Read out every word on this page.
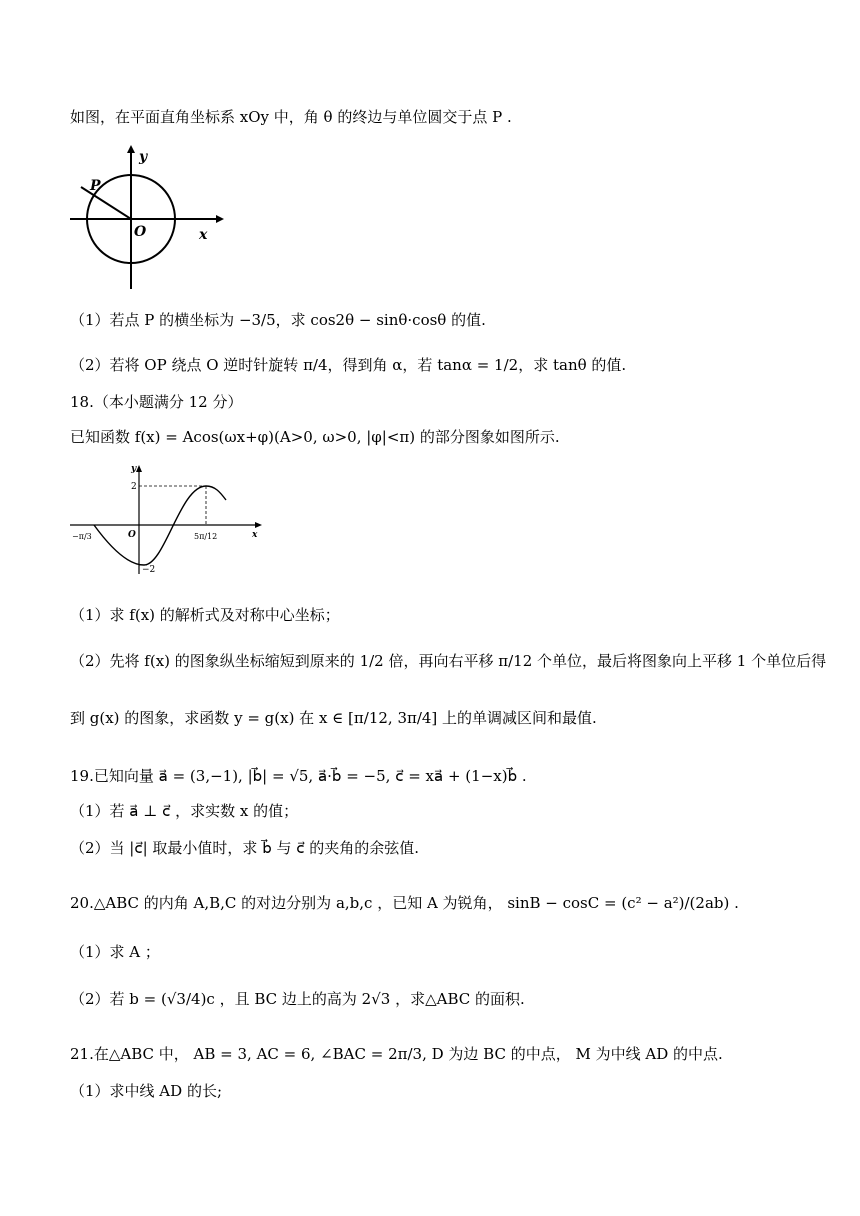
如图，在平面直角坐标系 xOy 中，角 θ 的终边与单位圆交于点 P .
y
x
O
P
（1）若点 P 的横坐标为 −3/5，求 cos2θ − sinθ·cosθ 的值.
（2）若将 OP 绕点 O 逆时针旋转 π/4，得到角 α，若 tanα = 1/2，求 tanθ 的值.
18.（本小题满分 12 分）
已知函数 f(x) = Acos(ωx+φ)(A>0, ω>0, |φ|<π) 的部分图象如图所示.
y
x
O
2
−2
−π/3	5π/12
（1）求 f(x) 的解析式及对称中心坐标；
（2）先将 f(x) 的图象纵坐标缩短到原来的 1/2 倍，再向右平移 π/12 个单位，最后将图象向上平移 1 个单位后得
到 g(x) 的图象，求函数 y = g(x) 在 x ∈ [π/12, 3π/4] 上的单调减区间和最值.
19.已知向量 a⃗ = (3,−1), |b⃗| = √5, a⃗·b⃗ = −5, c⃗ = xa⃗ + (1−x)b⃗ .
（1）若 a⃗ ⊥ c⃗ ，求实数 x 的值；
（2）当 |c⃗| 取最小值时，求 b⃗ 与 c⃗ 的夹角的余弦值.
20.△ABC 的内角 A,B,C 的对边分别为 a,b,c ，已知 A 为锐角， sinB − cosC = (c² − a²)/(2ab) .
（1）求 A ；
（2）若 b = (√3/4)c ，且 BC 边上的高为 2√3 ，求△ABC 的面积.
21.在△ABC 中， AB = 3, AC = 6, ∠BAC = 2π/3, D 为边 BC 的中点， M 为中线 AD 的中点.
（1）求中线 AD 的长;
